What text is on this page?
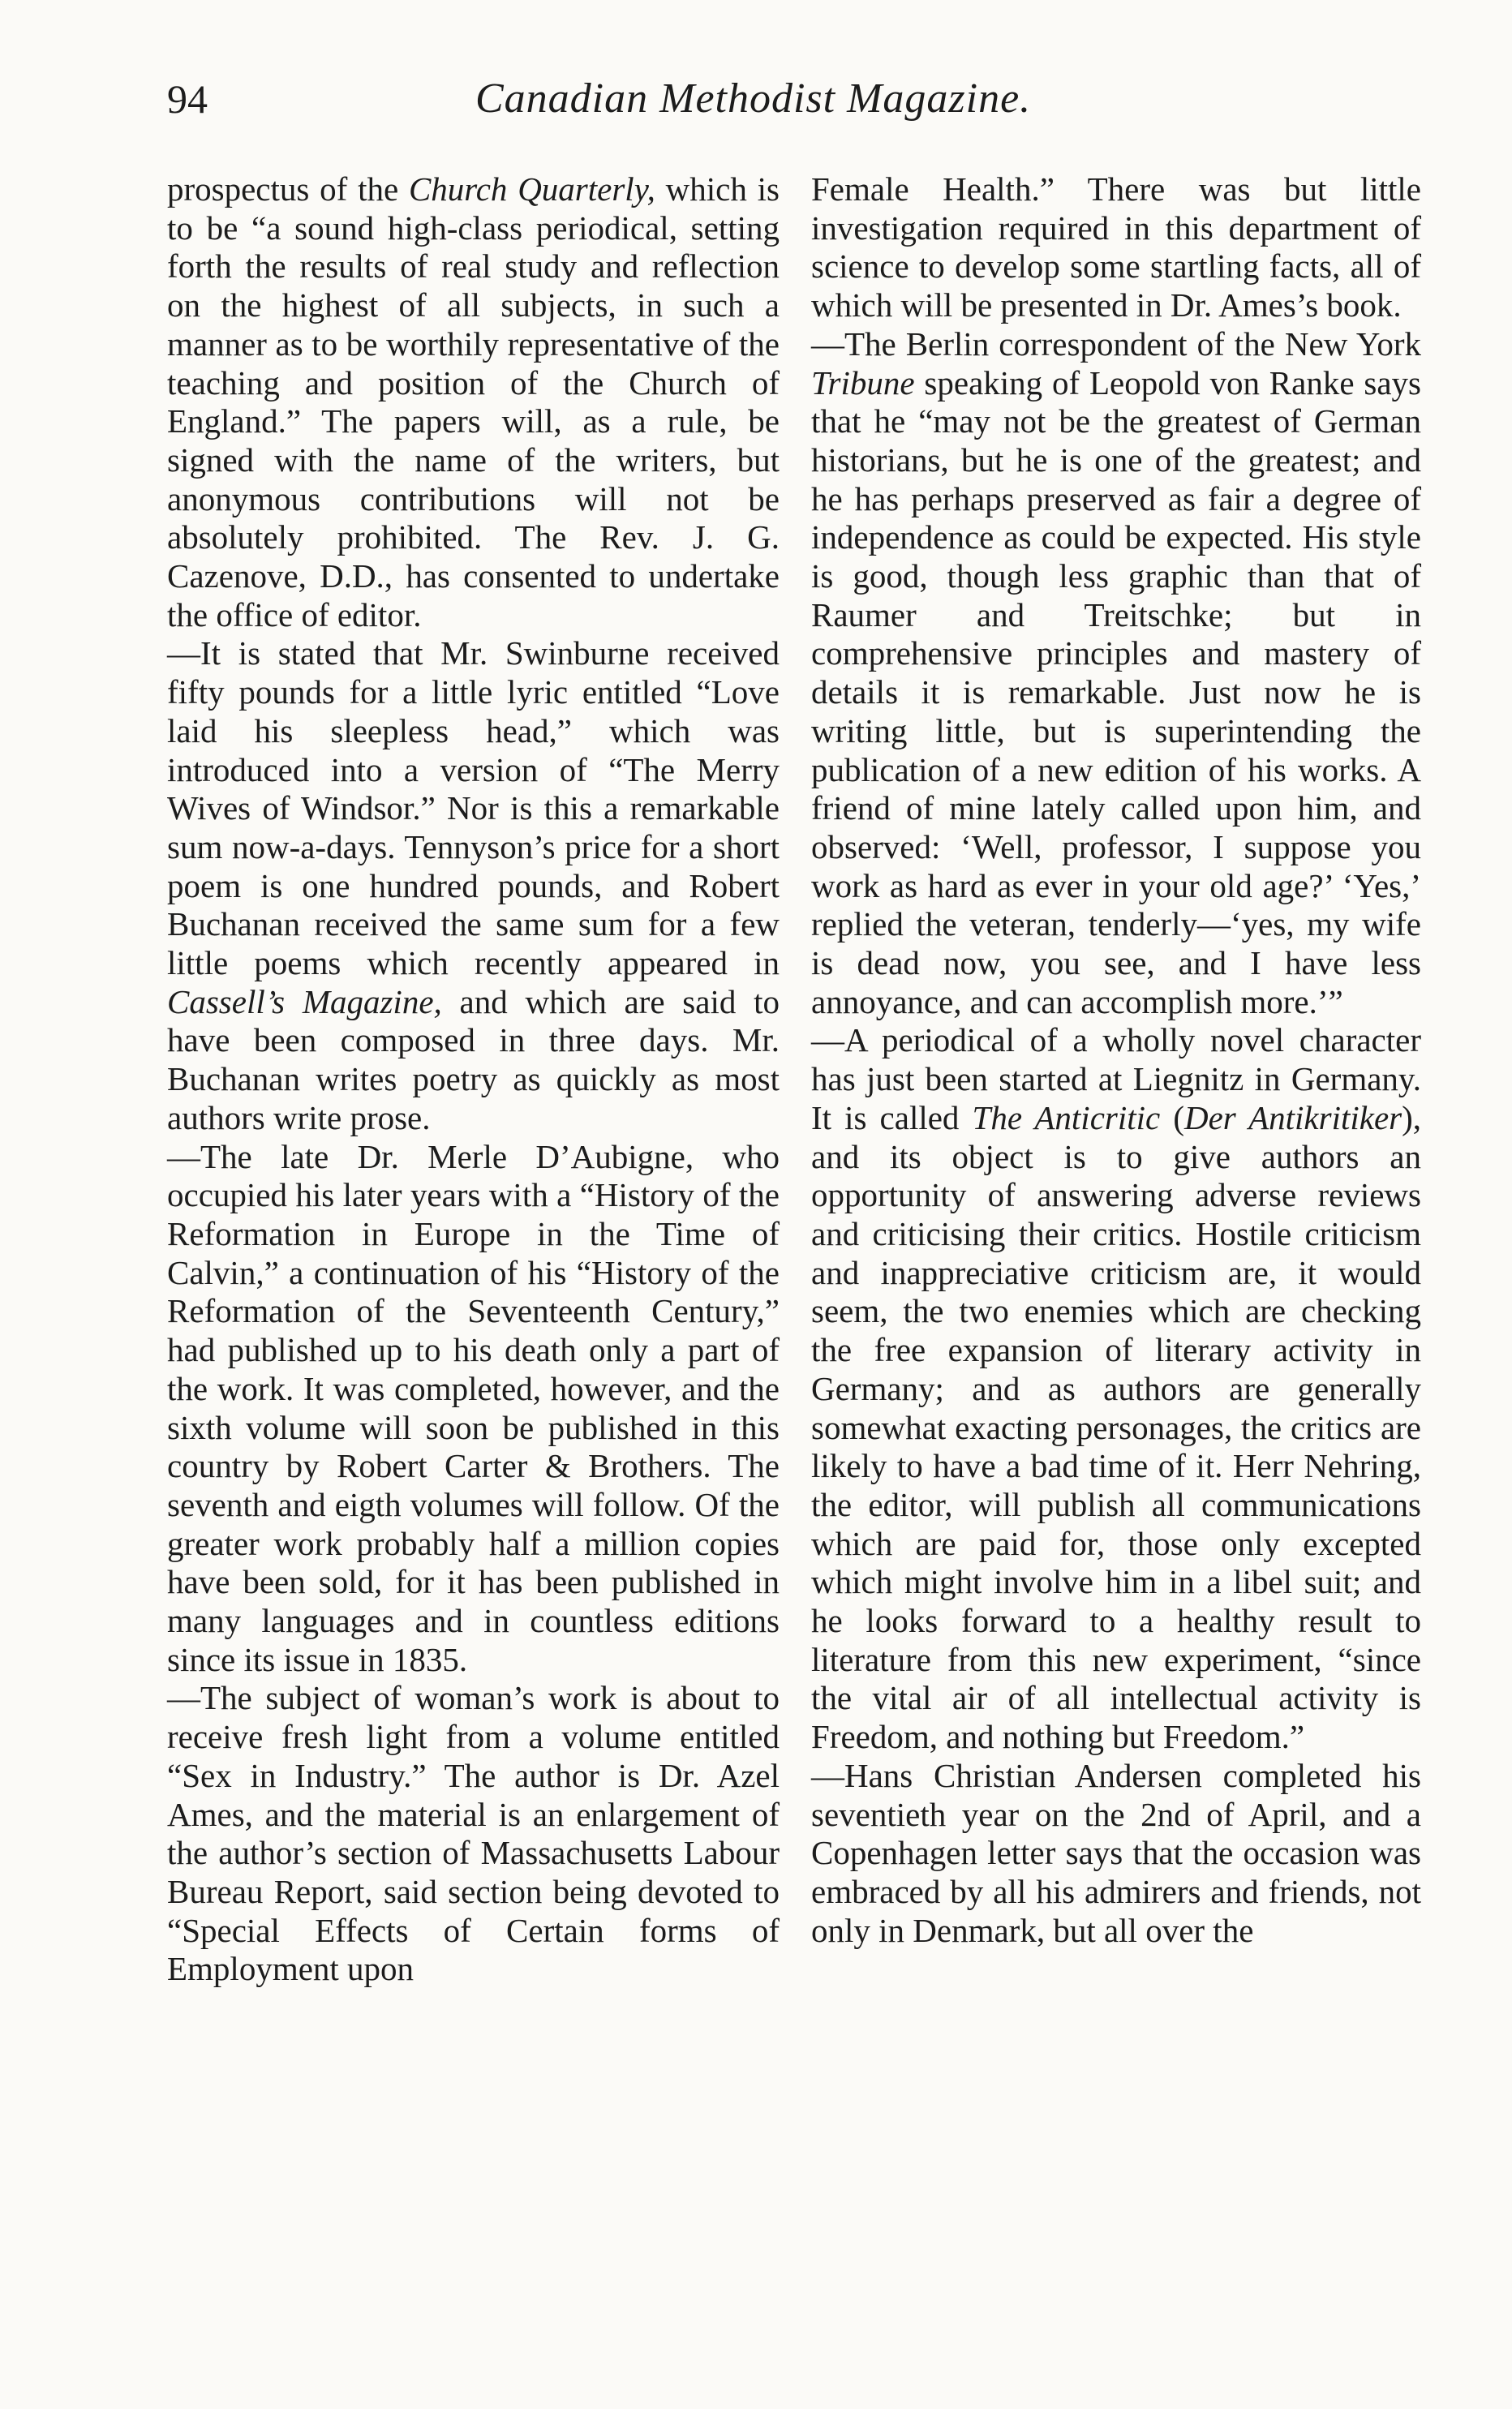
94	Canadian Methodist Magazine.

prospectus of the Church Quarterly, which is to be “a sound high-class periodical, setting forth the results of real study and reflection on the highest of all subjects, in such a manner as to be worthily representative of the teaching and position of the Church of England.” The papers will, as a rule, be signed with the name of the writers, but anonymous contributions will not be absolutely prohibited. The Rev. J. G. Cazenove, D.D., has consented to undertake the office of editor.

—It is stated that Mr. Swinburne received fifty pounds for a little lyric entitled “Love laid his sleepless head,” which was introduced into a version of “The Merry Wives of Windsor.” Nor is this a remarkable sum now-a-days. Tennyson’s price for a short poem is one hundred pounds, and Robert Buchanan received the same sum for a few little poems which recently appeared in Cassell’s Magazine, and which are said to have been composed in three days. Mr. Buchanan writes poetry as quickly as most authors write prose.

—The late Dr. Merle D’Aubigne, who occupied his later years with a “History of the Reformation in Europe in the Time of Calvin,” a continuation of his “History of the Reformation of the Seventeenth Century,” had published up to his death only a part of the work. It was completed, however, and the sixth volume will soon be published in this country by Robert Carter & Brothers. The seventh and eigth volumes will follow. Of the greater work probably half a million copies have been sold, for it has been published in many languages and in countless editions since its issue in 1835.

—The subject of woman’s work is about to receive fresh light from a volume entitled “Sex in Industry.” The author is Dr. Azel Ames, and the material is an enlargement of the author’s section of Massachusetts Labour Bureau Report, said section being devoted to “Special Effects of Certain forms of Employment upon

Female Health.” There was but little investigation required in this department of science to develop some startling facts, all of which will be presented in Dr. Ames’s book.

—The Berlin correspondent of the New York Tribune speaking of Leopold von Ranke says that he “may not be the greatest of German historians, but he is one of the greatest; and he has perhaps preserved as fair a degree of independence as could be expected. His style is good, though less graphic than that of Raumer and Treitschke; but in comprehensive principles and mastery of details it is remarkable. Just now he is writing little, but is superintending the publication of a new edition of his works. A friend of mine lately called upon him, and observed: ‘Well, professor, I suppose you work as hard as ever in your old age?’ ‘Yes,’ replied the veteran, tenderly—‘yes, my wife is dead now, you see, and I have less annoyance, and can accomplish more.’”

—A periodical of a wholly novel character has just been started at Liegnitz in Germany. It is called The Anticritic (Der Antikritiker), and its object is to give authors an opportunity of answering adverse reviews and criticising their critics. Hostile criticism and inappreciative criticism are, it would seem, the two enemies which are checking the free expansion of literary activity in Germany; and as authors are generally somewhat exacting personages, the critics are likely to have a bad time of it. Herr Nehring, the editor, will publish all communications which are paid for, those only excepted which might involve him in a libel suit; and he looks forward to a healthy result to literature from this new experiment, “since the vital air of all intellectual activity is Freedom, and nothing but Freedom.”

—Hans Christian Andersen completed his seventieth year on the 2nd of April, and a Copenhagen letter says that the occasion was embraced by all his admirers and friends, not only in Denmark, but all over the
